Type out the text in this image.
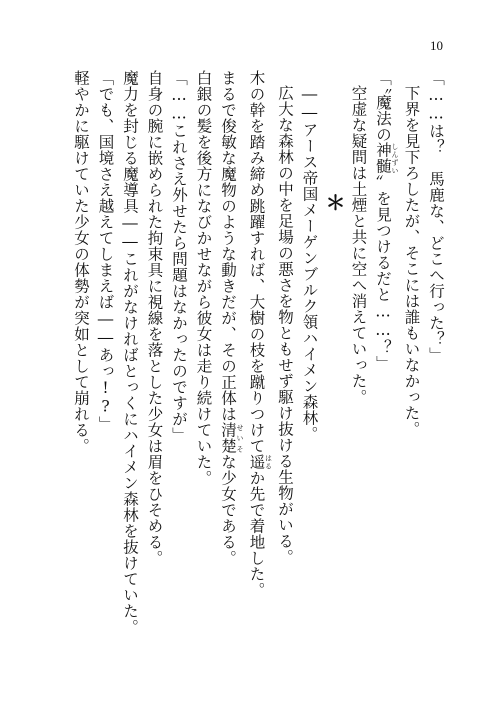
10
「……は？　馬鹿な、どこへ行った？」
下界を見下ろしたが、そこには誰もいなかった。
「〝魔法の神髄 しんずい〟を見つけるだと……？」
空虚な疑問は土煙と共に空へ消えていった。
＊
――アース帝国メーゲンブルク領ハイメン森林。
広大な森林の中を足場の悪さを物ともせず駆け抜ける生物がいる。
木の幹を踏み締め跳躍すれば、大樹の枝を蹴りつけて遥 はるか先で着地した。
まるで俊敏な魔物のような動きだが、その正体は清楚 せいそな少女である。
白銀の髪を後方になびかせながら彼女は走り続けていた。
「……これさえ外せたら問題はなかったのですが」
自身の腕に嵌められた拘束具に視線を落とした少女は眉をひそめる。
魔力を封じる魔導具――これがなければとっくにハイメン森林を抜けていた。
「でも、国境さえ越えてしまえば――あっ!?」
軽やかに駆けていた少女の体勢が突如として崩れる。
